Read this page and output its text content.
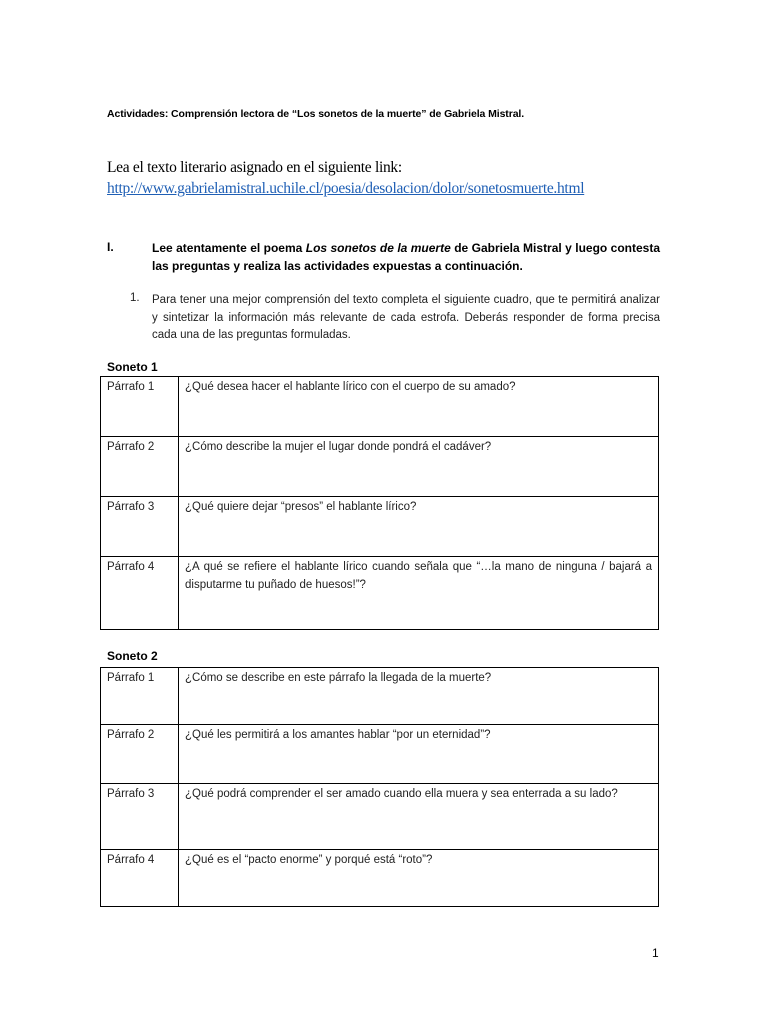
Actividades: Comprensión lectora de “Los sonetos de la muerte” de Gabriela Mistral.
Lea el texto literario asignado en el siguiente link:
http://www.gabrielamistral.uchile.cl/poesia/desolacion/dolor/sonetosmuerte.html
I.	Lee atentamente el poema Los sonetos de la muerte de Gabriela Mistral y luego contesta las preguntas y realiza las actividades expuestas a continuación.
1. Para tener una mejor comprensión del texto completa el siguiente cuadro, que te permitirá analizar y sintetizar la información más relevante de cada estrofa. Deberás responder de forma precisa cada una de las preguntas formuladas.
Soneto 1
Párrafo 1	¿Qué desea hacer el hablante lírico con el cuerpo de su amado?
Párrafo 2	¿Cómo describe la mujer el lugar donde pondrá el cadáver?
Párrafo 3	¿Qué quiere dejar “presos” el hablante lírico?
Párrafo 4	¿A qué se refiere el hablante lírico cuando señala que “…la mano de ninguna / bajará a disputarme tu puñado de huesos!”?
Soneto 2
Párrafo 1	¿Cómo se describe en este párrafo la llegada de la muerte?
Párrafo 2	¿Qué les permitirá a los amantes hablar “por un eternidad”?
Párrafo 3	¿Qué podrá comprender el ser amado cuando ella muera y sea enterrada a su lado?
Párrafo 4	¿Qué es el “pacto enorme” y porqué está “roto”?
1
